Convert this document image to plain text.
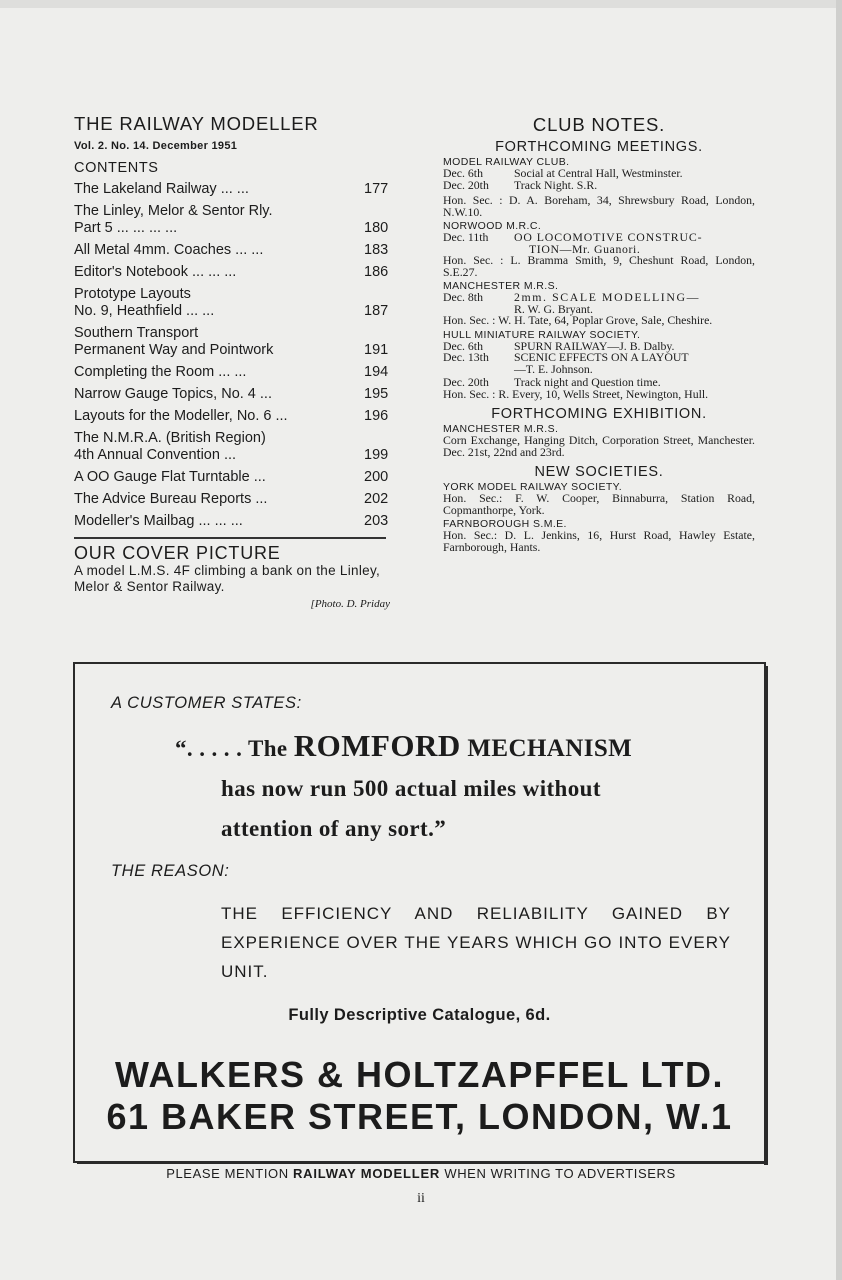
THE RAILWAY MODELLER
Vol. 2. No. 14. December 1951
CONTENTS
The Lakeland Railway ... ...	177
The Linley, Melor & Sentor Rly.
Part 5 ... ... ... ...	180
All Metal 4mm. Coaches ... ...	183
Editor's Notebook ... ... ...	186
Prototype Layouts
No. 9, Heathfield ... ...	187
Southern Transport
Permanent Way and Pointwork	191
Completing the Room ... ...	194
Narrow Gauge Topics, No. 4 ...	195
Layouts for the Modeller, No. 6 ...	196
The N.M.R.A. (British Region)
4th Annual Convention ...	199
A OO Gauge Flat Turntable ...	200
The Advice Bureau Reports ...	202
Modeller's Mailbag ... ... ...	203
OUR COVER PICTURE
A model L.M.S. 4F climbing a bank on the Linley, Melor & Sentor Railway.
[Photo. D. Priday
CLUB NOTES.
FORTHCOMING MEETINGS.
MODEL RAILWAY CLUB.
Dec. 6th	Social at Central Hall, Westminster.
Dec. 20th	Track Night. S.R.
Hon. Sec. : D. A. Boreham, 34, Shrewsbury Road, London, N.W.10.
NORWOOD M.R.C.
Dec. 11th	OO LOCOMOTIVE CONSTRUC-
TION—Mr. Guanori.
Hon. Sec. : L. Bramma Smith, 9, Cheshunt Road, London, S.E.27.
MANCHESTER M.R.S.
Dec. 8th	2mm. SCALE MODELLING—
R. W. G. Bryant.
Hon. Sec. : W. H. Tate, 64, Poplar Grove, Sale, Cheshire.
HULL MINIATURE RAILWAY SOCIETY.
Dec. 6th	SPURN RAILWAY—J. B. Dalby.
Dec. 13th	SCENIC EFFECTS ON A LAYOUT
—T. E. Johnson.
Dec. 20th	Track night and Question time.
Hon. Sec. : R. Every, 10, Wells Street, Newington, Hull.
FORTHCOMING EXHIBITION.
MANCHESTER M.R.S.
Corn Exchange, Hanging Ditch, Corporation Street, Manchester. Dec. 21st, 22nd and 23rd.
NEW SOCIETIES.
YORK MODEL RAILWAY SOCIETY.
Hon. Sec.: F. W. Cooper, Binnaburra, Station Road, Copmanthorpe, York.
FARNBOROUGH S.M.E.
Hon. Sec.: D. L. Jenkins, 16, Hurst Road, Hawley Estate, Farnborough, Hants.
A CUSTOMER STATES:
“. . . . . The ROMFORD MECHANISM
has now run 500 actual miles without
attention of any sort.”
THE REASON:
THE EFFICIENCY AND RELIABILITY GAINED BY EXPERIENCE OVER THE YEARS WHICH GO INTO EVERY UNIT.
Fully Descriptive Catalogue, 6d.
WALKERS & HOLTZAPFFEL LTD.
61 BAKER STREET, LONDON, W.1
PLEASE MENTION RAILWAY MODELLER WHEN WRITING TO ADVERTISERS
ii
